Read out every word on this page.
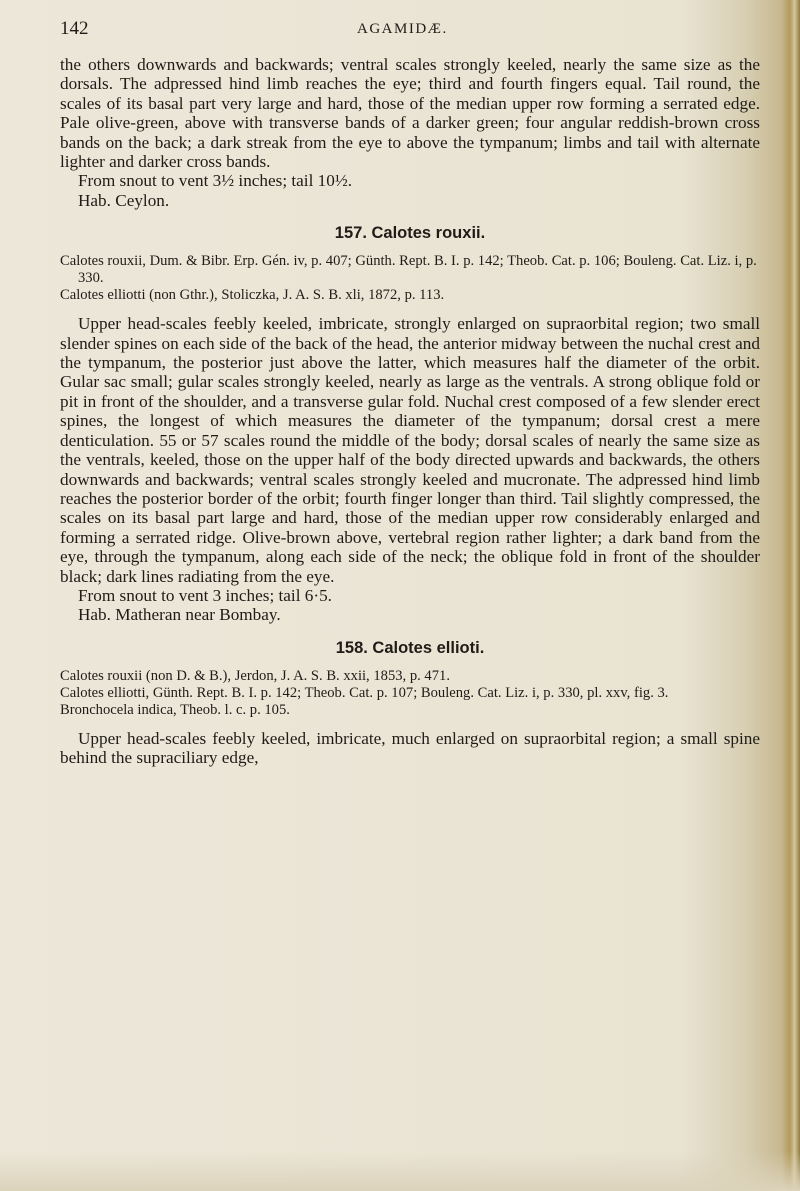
142	AGAMIDÆ.

the others downwards and backwards; ventral scales strongly keeled, nearly the same size as the dorsals. The adpressed hind limb reaches the eye; third and fourth fingers equal. Tail round, the scales of its basal part very large and hard, those of the median upper row forming a serrated edge. Pale olive-green, above with transverse bands of a darker green; four angular reddish-brown cross bands on the back; a dark streak from the eye to above the tympanum; limbs and tail with alternate lighter and darker cross bands.

From snout to vent 3½ inches; tail 10½.

Hab. Ceylon.

157. Calotes rouxii.

Calotes rouxii, Dum. & Bibr. Erp. Gén. iv, p. 407; Günth. Rept. B. I. p. 142; Theob. Cat. p. 106; Bouleng. Cat. Liz. i, p. 330.

Calotes elliotti (non Gthr.), Stoliczka, J. A. S. B. xli, 1872, p. 113.

Upper head-scales feebly keeled, imbricate, strongly enlarged on supraorbital region; two small slender spines on each side of the back of the head, the anterior midway between the nuchal crest and the tympanum, the posterior just above the latter, which measures half the diameter of the orbit. Gular sac small; gular scales strongly keeled, nearly as large as the ventrals. A strong oblique fold or pit in front of the shoulder, and a transverse gular fold. Nuchal crest composed of a few slender erect spines, the longest of which measures the diameter of the tympanum; dorsal crest a mere denticulation. 55 or 57 scales round the middle of the body; dorsal scales of nearly the same size as the ventrals, keeled, those on the upper half of the body directed upwards and backwards, the others downwards and backwards; ventral scales strongly keeled and mucronate. The adpressed hind limb reaches the posterior border of the orbit; fourth finger longer than third. Tail slightly compressed, the scales on its basal part large and hard, those of the median upper row considerably enlarged and forming a serrated ridge. Olive-brown above, vertebral region rather lighter; a dark band from the eye, through the tympanum, along each side of the neck; the oblique fold in front of the shoulder black; dark lines radiating from the eye.

From snout to vent 3 inches; tail 6·5.

Hab. Matheran near Bombay.

158. Calotes ellioti.

Calotes rouxii (non D. & B.), Jerdon, J. A. S. B. xxii, 1853, p. 471.

Calotes elliotti, Günth. Rept. B. I. p. 142; Theob. Cat. p. 107; Bouleng. Cat. Liz. i, p. 330, pl. xxv, fig. 3.

Bronchocela indica, Theob. l. c. p. 105.

Upper head-scales feebly keeled, imbricate, much enlarged on supraorbital region; a small spine behind the supraciliary edge,
